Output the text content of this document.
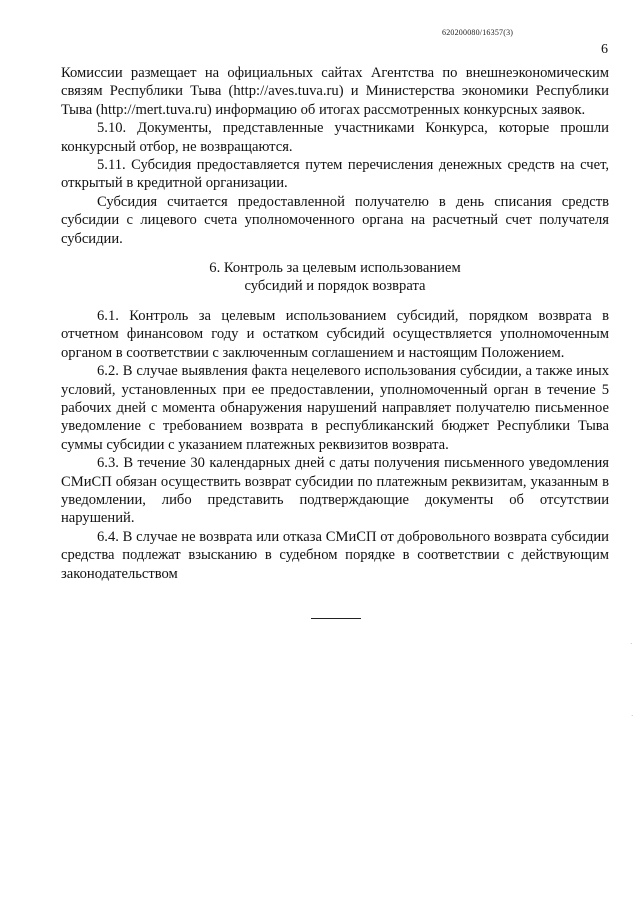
620200080/16357(3)
6

Комиссии размещает на официальных сайтах Агентства по внешнеэкономическим связям Республики Тыва (http://aves.tuva.ru) и Министерства экономики Республики Тыва (http://mert.tuva.ru) информацию об итогах рассмотренных конкурсных заявок.

5.10. Документы, представленные участниками Конкурса, которые прошли конкурсный отбор, не возвращаются.

5.11. Субсидия предоставляется путем перечисления денежных средств на счет, открытый в кредитной организации.

Субсидия считается предоставленной получателю в день списания средств субсидии с лицевого счета уполномоченного органа на расчетный счет получателя субсидии.

6. Контроль за целевым использованием
субсидий и порядок возврата

6.1. Контроль за целевым использованием субсидий, порядком возврата в отчетном финансовом году и остатком субсидий осуществляется уполномоченным органом в соответствии с заключенным соглашением и настоящим Положением.

6.2. В случае выявления факта нецелевого использования субсидии, а также иных условий, установленных при ее предоставлении, уполномоченный орган в течение 5 рабочих дней с момента обнаружения нарушений направляет получателю письменное уведомление с требованием возврата в республиканский бюджет Республики Тыва суммы субсидии с указанием платежных реквизитов возврата.

6.3. В течение 30 календарных дней с даты получения письменного уведомления СМиСП обязан осуществить возврат субсидии по платежным реквизитам, указанным в уведомлении, либо представить подтверждающие документы об отсутствии нарушений.

6.4. В случае не возврата или отказа СМиСП от добровольного возврата субсидии средства подлежат взысканию в судебном порядке в соответствии с действующим законодательством

·
·
